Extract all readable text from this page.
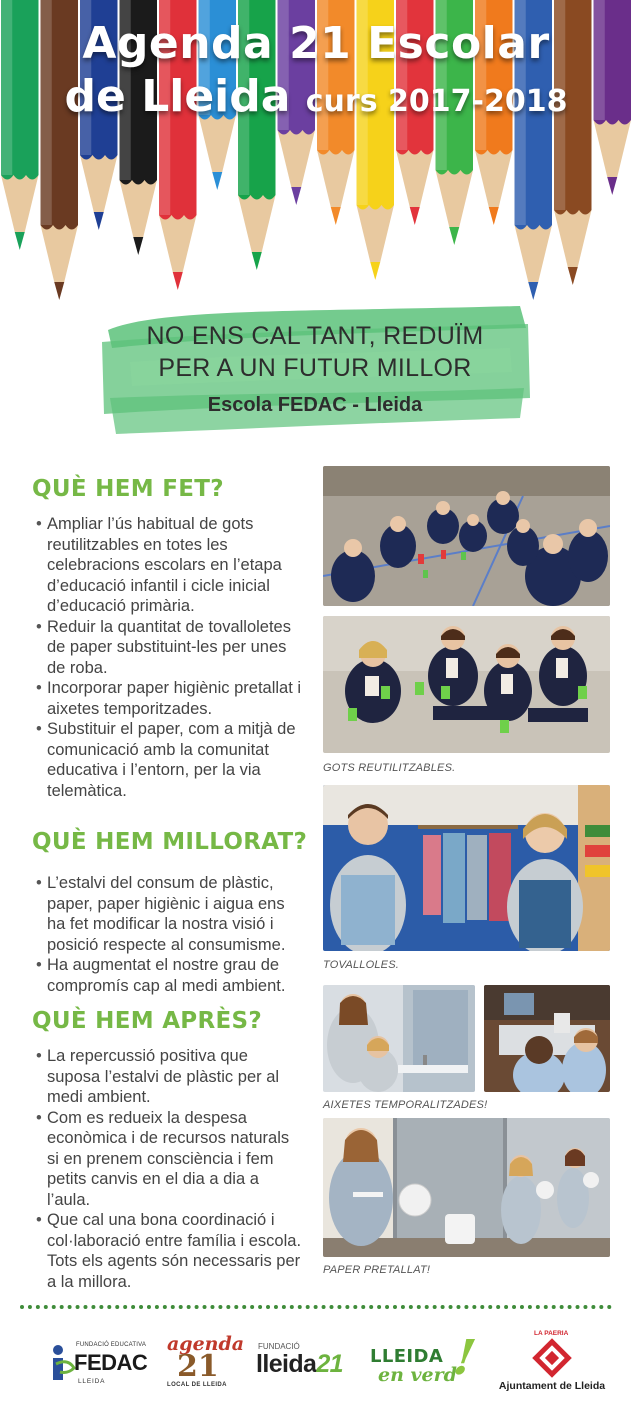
Agenda 21 Escolar
de Lleida curs 2017-2018
NO ENS CAL TANT, REDUÏM
PER A UN FUTUR MILLOR
Escola FEDAC - Lleida
QUÈ HEM FET?
• Ampliar l’ús habitual de gots reutilitzables en totes les celebracions escolars en l’etapa d’educació infantil i cicle inicial d’educació primària.
• Reduir la quantitat de tovalloletes de paper substituint-les per unes de roba.
• Incorporar paper higiènic pretallat i aixetes temporitzades.
• Substituir el paper, com a mitjà de comunicació amb la comunitat educativa i l’entorn, per la via telemàtica.
QUÈ HEM MILLORAT?
• L’estalvi del consum de plàstic, paper, paper higiènic i aigua ens ha fet modificar la nostra visió i posició respecte al consumisme.
• Ha augmentat el nostre grau de compromís cap al medi ambient.
QUÈ HEM APRÈS?
• La repercussió positiva que suposa l’estalvi de plàstic per al medi ambient.
• Com es redueix la despesa econòmica i de recursos naturals si en prenem consciència i fem petits canvis en el dia a dia a l’aula.
• Que cal una bona coordinació i col·laboració entre família i escola. Tots els agents són necessaris per a la millora.
GOTS REUTILITZABLES.
TOVALLOLES.
AIXETES TEMPORALITZADES!
PAPER PRETALLAT!
FUNDACIÓ EDUCATIVA
FEDAC
LLEIDA
agenda
21
LOCAL DE LLEIDA
FUNDACIÓ
lleida21 LLEIDA
en verd
!	LA PAERIA
Ajuntament de Lleida
